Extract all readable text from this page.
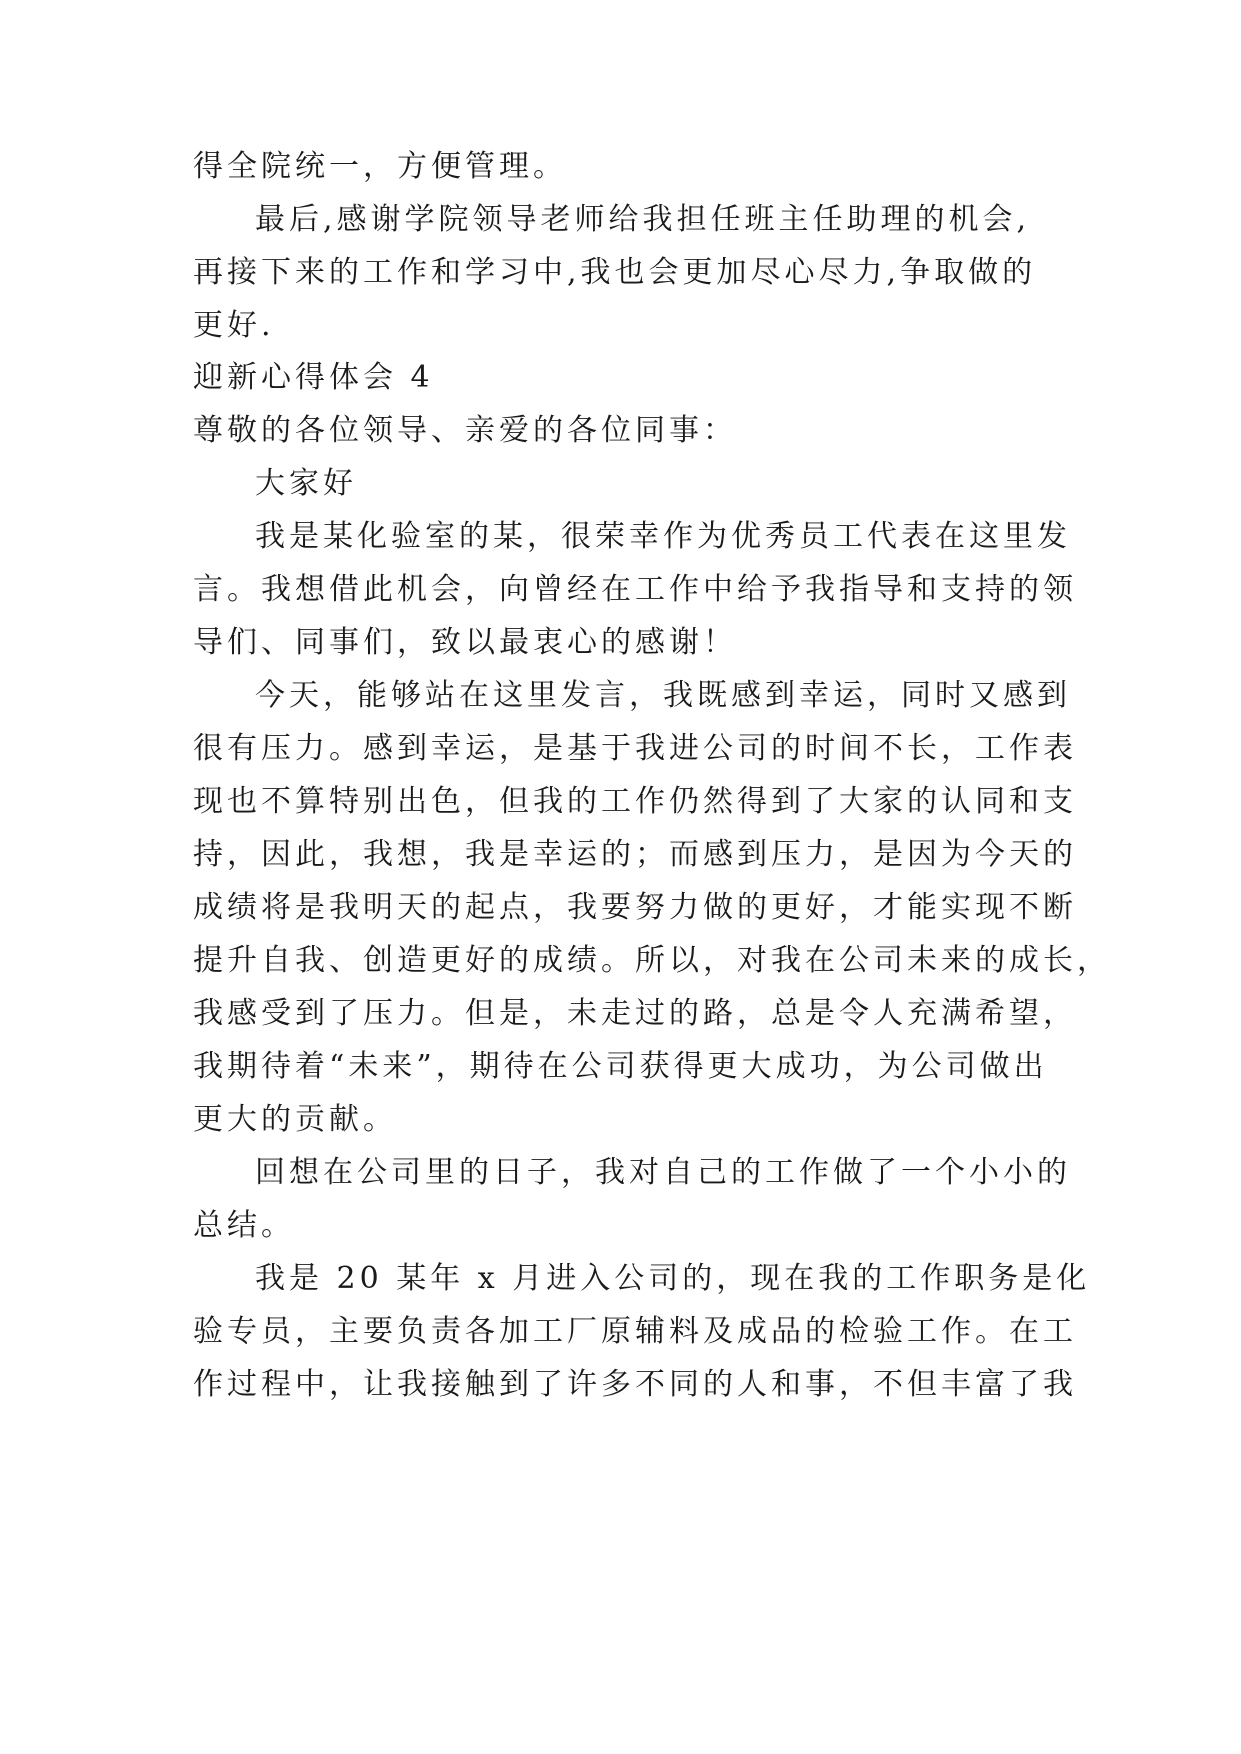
得全院统一，方便管理。
最后,感谢学院领导老师给我担任班主任助理的机会,
再接下来的工作和学习中,我也会更加尽心尽力,争取做的
更好.
迎新心得体会 4
尊敬的各位领导、亲爱的各位同事：
大家好
我是某化验室的某，很荣幸作为优秀员工代表在这里发
言。我想借此机会，向曾经在工作中给予我指导和支持的领
导们、同事们，致以最衷心的感谢！
今天，能够站在这里发言，我既感到幸运，同时又感到
很有压力。感到幸运，是基于我进公司的时间不长，工作表
现也不算特别出色，但我的工作仍然得到了大家的认同和支
持，因此，我想，我是幸运的；而感到压力，是因为今天的
成绩将是我明天的起点，我要努力做的更好，才能实现不断
提升自我、创造更好的成绩。所以，对我在公司未来的成长，
我感受到了压力。但是，未走过的路，总是令人充满希望，
我期待着“未来”，期待在公司获得更大成功，为公司做出
更大的贡献。
回想在公司里的日子，我对自己的工作做了一个小小的
总结。
我是 20 某年 x 月进入公司的，现在我的工作职务是化
验专员，主要负责各加工厂原辅料及成品的检验工作。在工
作过程中，让我接触到了许多不同的人和事，不但丰富了我
